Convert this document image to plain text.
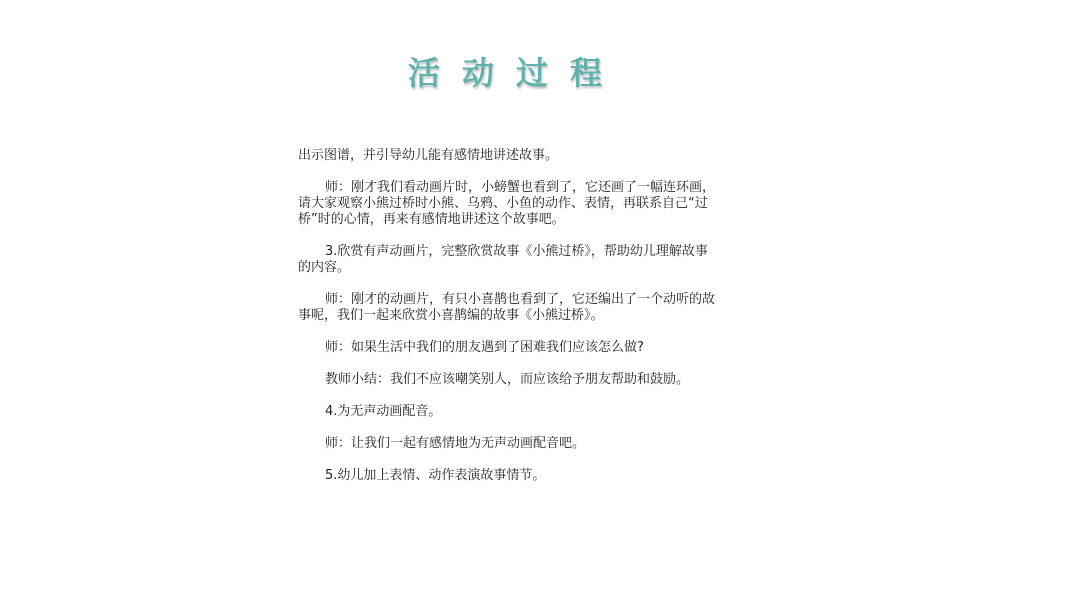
活动过程
出示图谱，并引导幼儿能有感情地讲述故事。
师：刚才我们看动画片时，小螃蟹也看到了，它还画了一幅连环画，
请大家观察小熊过桥时小熊、乌鸦、小鱼的动作、表情，再联系自己“过
桥”时的心情，再来有感情地讲述这个故事吧。
3.欣赏有声动画片，完整欣赏故事《小熊过桥》，帮助幼儿理解故事
的内容。
师：刚才的动画片，有只小喜鹊也看到了，它还编出了一个动听的故
事呢，我们一起来欣赏小喜鹊编的故事《小熊过桥》。
师：如果生活中我们的朋友遇到了困难我们应该怎么做?
教师小结：我们不应该嘲笑别人，而应该给予朋友帮助和鼓励。
4.为无声动画配音。
师：让我们一起有感情地为无声动画配音吧。
5.幼儿加上表情、动作表演故事情节。
